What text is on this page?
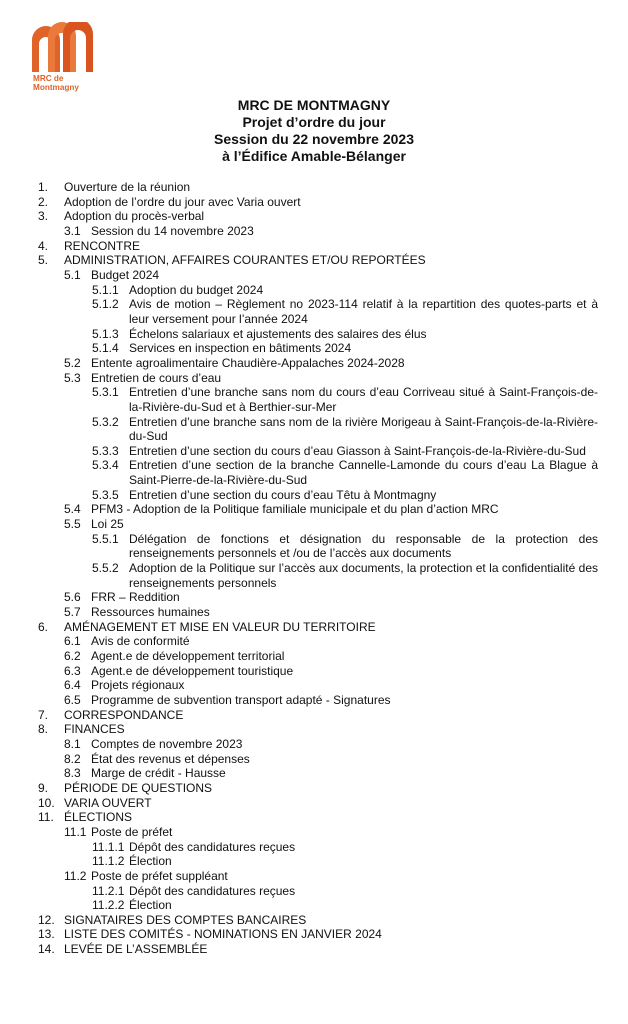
MRC de
Montmagny
MRC DE MONTMAGNY
Projet d’ordre du jour
Session du 22 novembre 2023
à l’Édifice Amable-Bélanger
1. Ouverture de la réunion
2. Adoption de l’ordre du jour avec Varia ouvert
3. Adoption du procès-verbal
3.1 Session du 14 novembre 2023
4. RENCONTRE
5. ADMINISTRATION, AFFAIRES COURANTES ET/OU REPORTÉES
5.1 Budget 2024
5.1.1 Adoption du budget 2024
5.1.2 Avis de motion – Règlement no 2023-114 relatif à la repartition des quotes-parts et à leur versement pour l’année 2024
5.1.3 Échelons salariaux et ajustements des salaires des élus
5.1.4 Services en inspection en bâtiments 2024
5.2 Entente agroalimentaire Chaudière-Appalaches 2024-2028
5.3 Entretien de cours d’eau
5.3.1 Entretien d’une branche sans nom du cours d’eau Corriveau situé à Saint-François-de-la-Rivière-du-Sud et à Berthier-sur-Mer
5.3.2 Entretien d’une branche sans nom de la rivière Morigeau à Saint-François-de-la-Rivière-du-Sud
5.3.3 Entretien d’une section du cours d’eau Giasson à Saint-François-de-la-Rivière-du-Sud
5.3.4 Entretien d’une section de la branche Cannelle-Lamonde du cours d’eau La Blague à Saint-Pierre-de-la-Rivière-du-Sud
5.3.5 Entretien d’une section du cours d’eau Têtu à Montmagny
5.4 PFM3 - Adoption de la Politique familiale municipale et du plan d’action MRC
5.5 Loi 25
5.5.1 Délégation de fonctions et désignation du responsable de la protection des renseignements personnels et /ou de l’accès aux documents
5.5.2 Adoption de la Politique sur l’accès aux documents, la protection et la confidentialité des renseignements personnels
5.6 FRR – Reddition
5.7 Ressources humaines
6. AMÉNAGEMENT ET MISE EN VALEUR DU TERRITOIRE
6.1 Avis de conformité
6.2 Agent.e de développement territorial
6.3 Agent.e de développement touristique
6.4 Projets régionaux
6.5 Programme de subvention transport adapté - Signatures
7. CORRESPONDANCE
8. FINANCES
8.1 Comptes de novembre 2023
8.2 État des revenus et dépenses
8.3 Marge de crédit - Hausse
9. PÉRIODE DE QUESTIONS
10. VARIA OUVERT
11. ÉLECTIONS
11.1 Poste de préfet
11.1.1 Dépôt des candidatures reçues
11.1.2 Élection
11.2 Poste de préfet suppléant
11.2.1 Dépôt des candidatures reçues
11.2.2 Élection
12. SIGNATAIRES DES COMPTES BANCAIRES
13. LISTE DES COMITÉS - NOMINATIONS EN JANVIER 2024
14. LEVÉE DE L’ASSEMBLÉE
